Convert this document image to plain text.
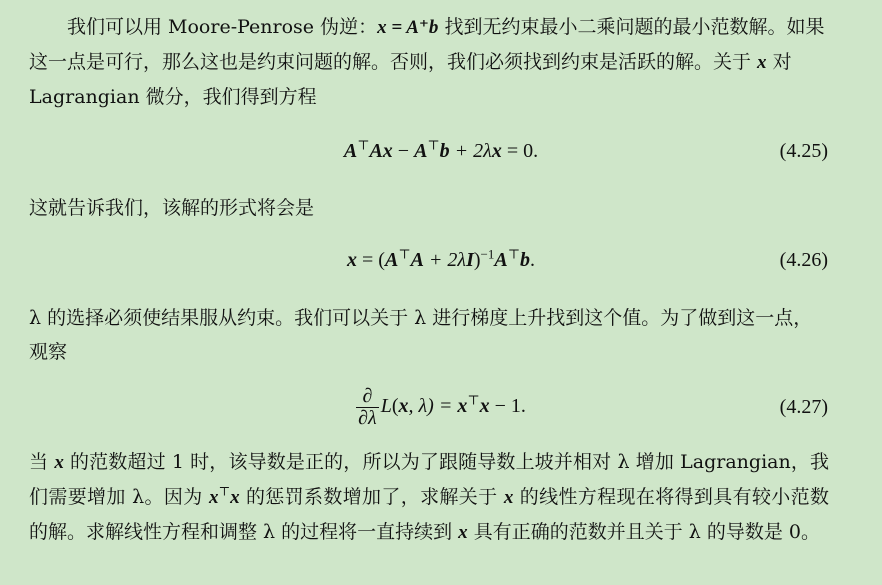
我们可以用 Moore-Penrose 伪逆：x = A⁺b 找到无约束最小二乘问题的最小范数解。如果这一点是可行，那么这也是约束问题的解。否则，我们必须找到约束是活跃的解。关于 x 对 Lagrangian 微分，我们得到方程

A⊤Ax − A⊤b + 2λx = 0.	(4.25)

这就告诉我们，该解的形式将会是

$x = (A^⊤A + 2\lambda I)^{-1}A^⊤b$.	(4.26)

λ 的选择必须使结果服从约束。我们可以关于 λ 进行梯度上升找到这个值。为了做到这一点，观察

$\frac{\partial}{\partial\lambda} L(x$, λ) = x⊤x − 1.	(4.27)

当 x 的范数超过 1 时，该导数是正的，所以为了跟随导数上坡并相对 λ 增加 Lagrangian，我们需要增加 λ。因为 x⊤x 的惩罚系数增加了，求解关于 x 的线性方程现在将得到具有较小范数的解。求解线性方程和调整 λ 的过程将一直持续到 x 具有正确的范数并且关于 λ 的导数是 0。
